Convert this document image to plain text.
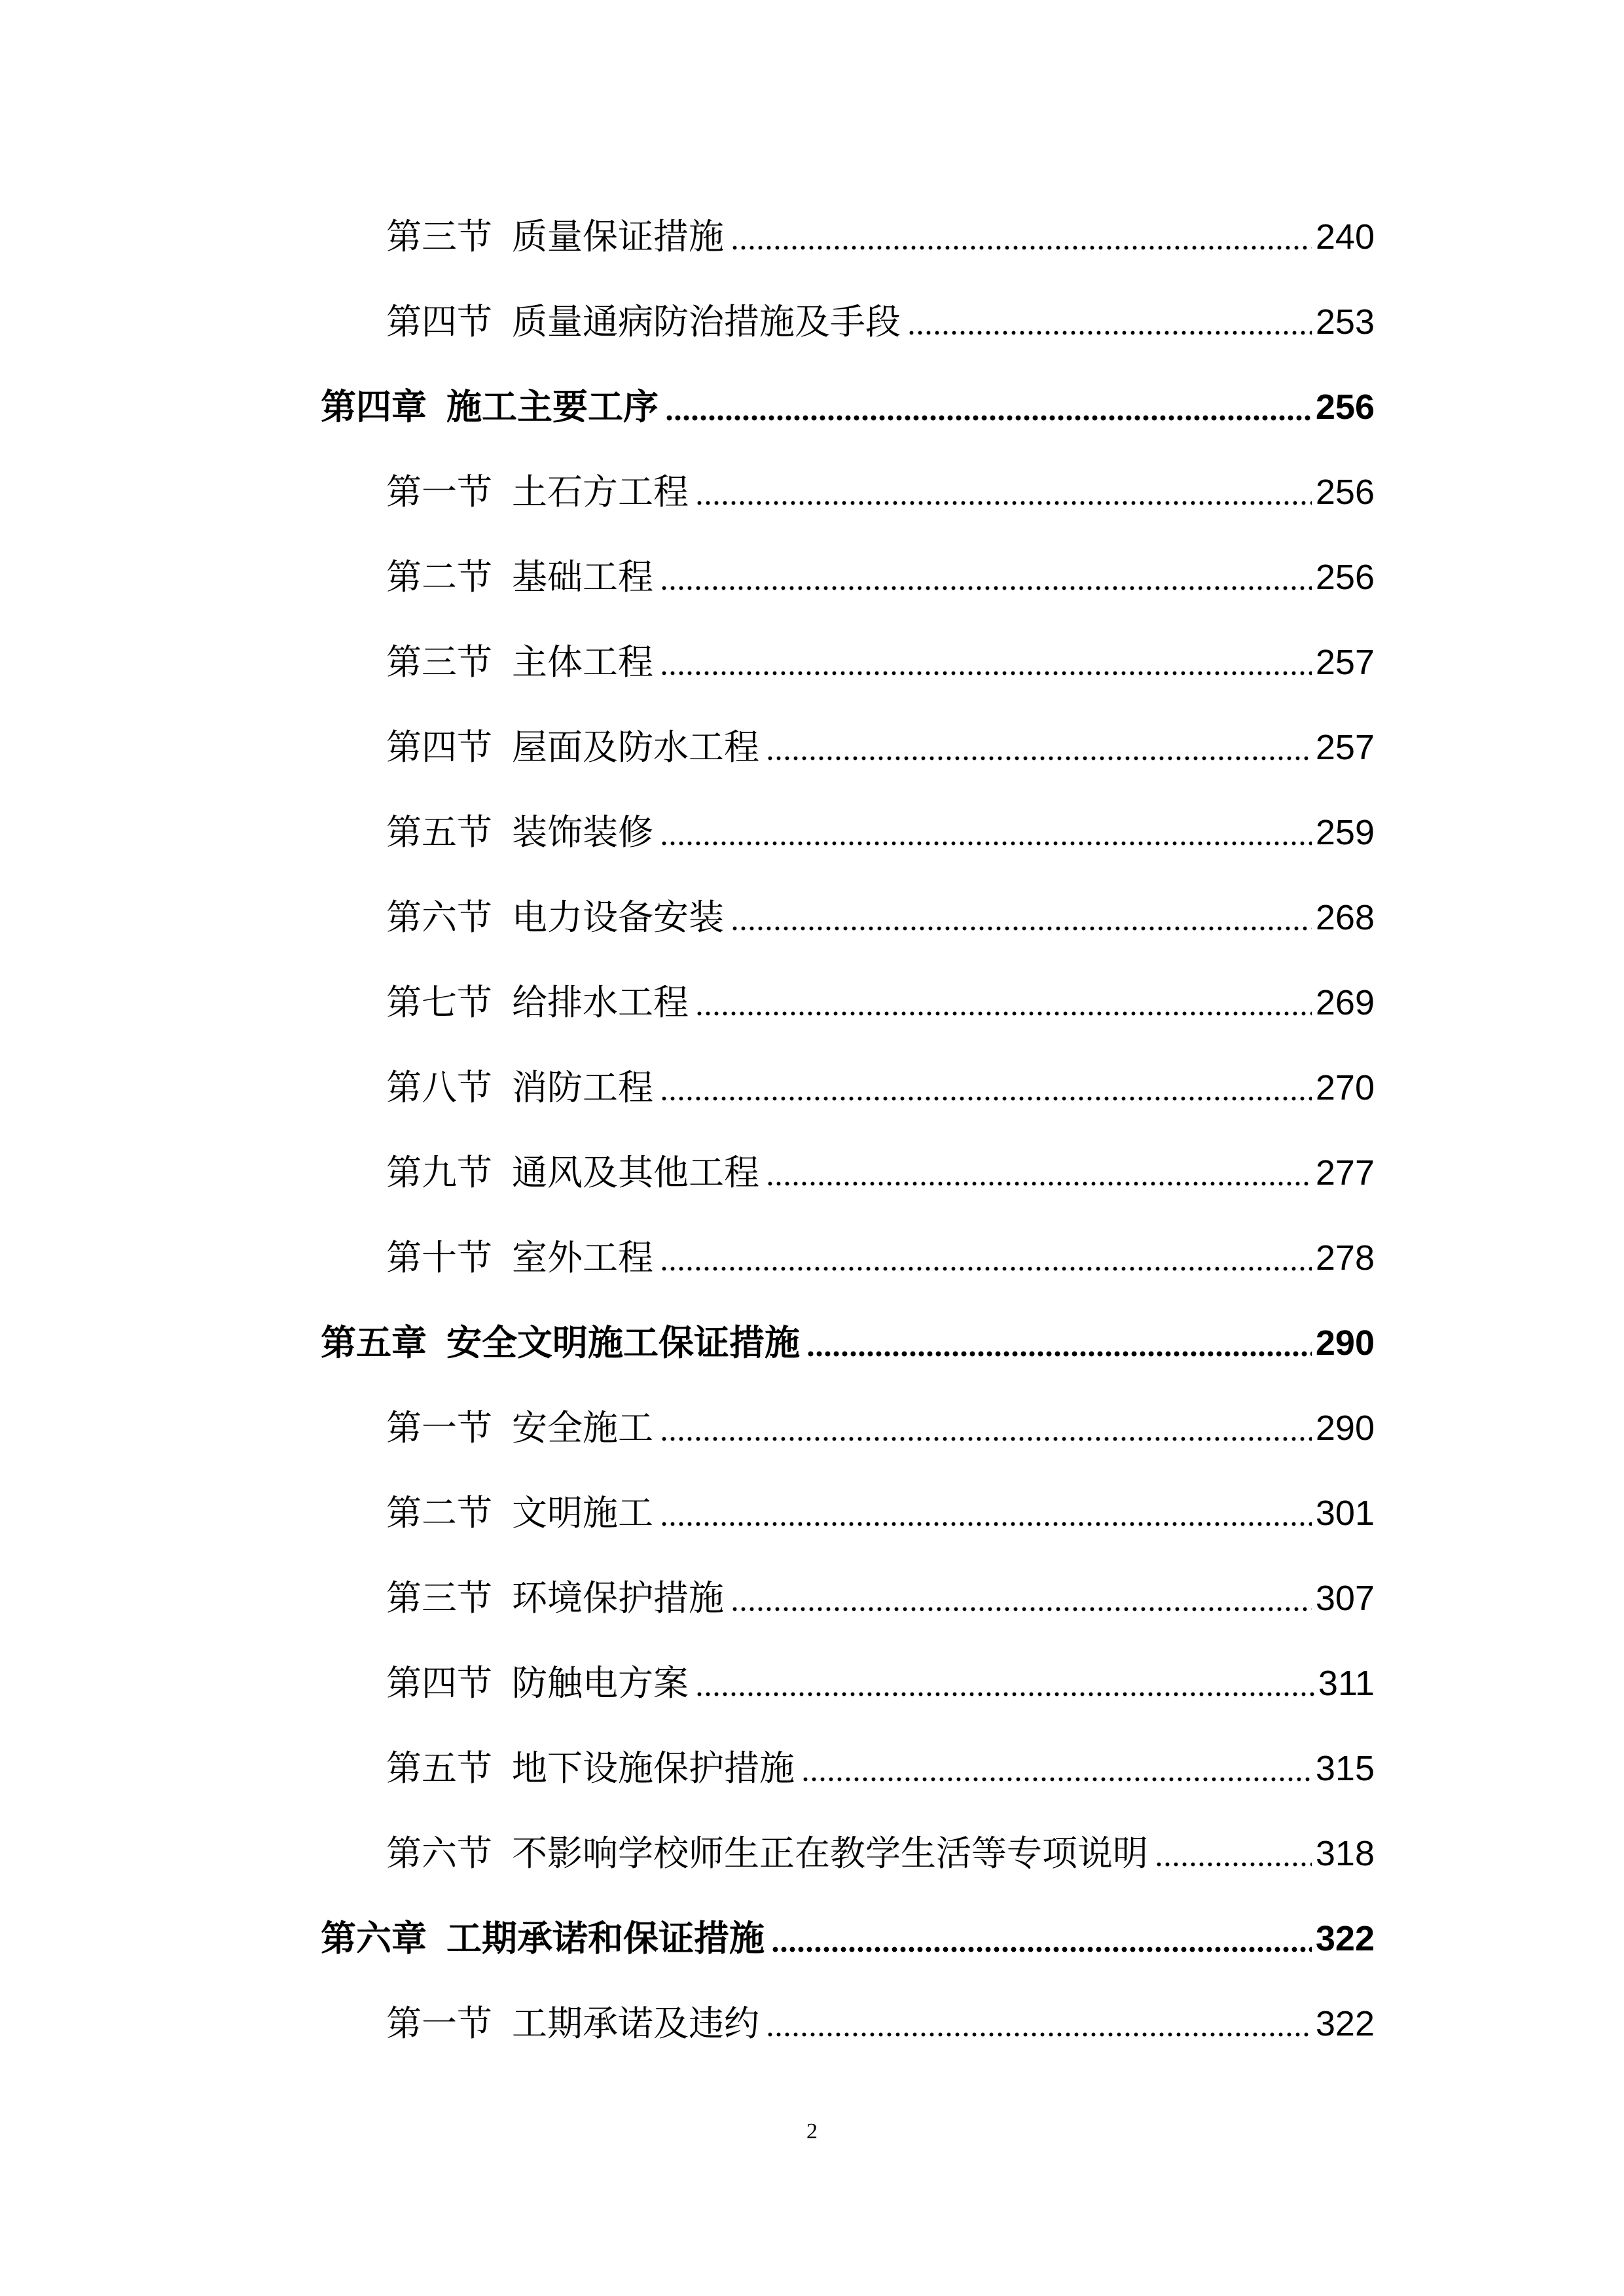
第三节 质量保证措施	240
第四节 质量通病防治措施及手段	253
第四章 施工主要工序	256
第一节 土石方工程	256
第二节 基础工程	256
第三节 主体工程	257
第四节 屋面及防水工程	257
第五节 装饰装修	259
第六节 电力设备安装	268
第七节 给排水工程	269
第八节 消防工程	270
第九节 通风及其他工程	277
第十节 室外工程	278
第五章 安全文明施工保证措施	290
第一节 安全施工	290
第二节 文明施工	301
第三节 环境保护措施	307
第四节 防触电方案	311
第五节 地下设施保护措施	315
第六节 不影响学校师生正在教学生活等专项说明	318
第六章 工期承诺和保证措施	322
第一节 工期承诺及违约	322
2
